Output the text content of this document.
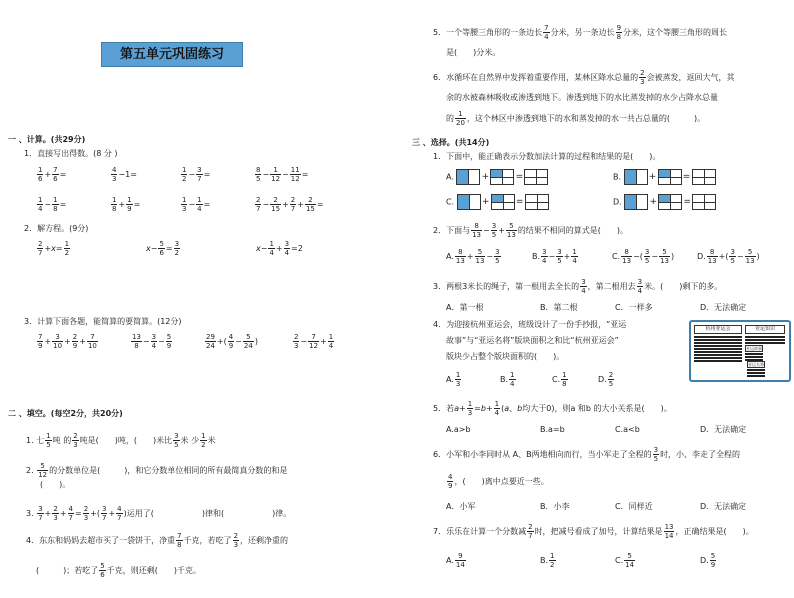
第五单元巩固练习
一 、计算。(共29分)
1．直接写出得数。(8 分 )
$\frac{1}{6} + \frac{7}{6}$ =	$\frac{4}{3} -1=$	$\frac{1}{2} - \frac{3}{7}$ =	$\frac{8}{5} - \frac{1}{12} - \frac{11}{12}$ =
$\frac{1}{4} - \frac{1}{8}$ =	$\frac{1}{8} + \frac{1}{9}$ =	$\frac{1}{3} - \frac{1}{4}$ =	$\frac{2}{7} - \frac{2}{15} + \frac{2}{7} + \frac{2}{15}$ =
2．解方程。(9分)
$\frac{2}{7} +x= \frac{1}{2}$	$x- \frac{5}{6} = \frac{3}{2}$	$x- \frac{1}{4} + \frac{3}{4} =2$
3．计算下面各题，能简算的要简算。(12分)
$\frac{7}{9} + \frac{3}{10} + \frac{2}{9} + \frac{7}{10}$	$\frac{13}{8} - \frac{3}{4} - \frac{5}{9}$	$\frac{29}{24}$ +( $\frac{4}{9} - \frac{5}{24}$ )	$\frac{2}{3} - \frac{7}{12} + \frac{1}{4}$
二 、填空。(每空2分，共20分)
1. 七 $\frac{1}{5}$ 吨 的 $\frac{2}{3}$ 吨是(　　)吨，(　　)米比 $\frac{3}{5}$ 米 少 $\frac{1}{2}$ 米
2. $\frac{5}{12}$ 的分数单位是(　　　)，和它分数单位相同的所有最简真分数的和是
(　　)。
3. $\frac{3}{7} + \frac{2}{3} + \frac{4}{7} = \frac{2}{3}$ +( $\frac{3}{7} + \frac{4}{7}$ )运用了(　　　　　　)律和(　　　　　　)律。
4．东东和妈妈去超市买了一袋饼干，净重 $\frac{7}{8}$ 千克，若吃了 $\frac{2}{3}$ ，还剩净重的
(　　　)；若吃了 $\frac{5}{6}$ 千克，则还剩(　　)千克。
5．一个等腰三角形的一条边长 $\frac{7}{4}$ 分米，另一条边长 $\frac{9}{8}$ 分米，这个等腰三角形的周长
是(　　)分米。
6．水循环在自然界中发挥着重要作用，某林区降水总量的 $\frac{2}{3}$ 会被蒸发，返回大气，其
余的水被森林吸收或渗透到地下。渗透到地下的水比蒸发掉的水少占降水总量
的 $\frac{1}{20}$ ，这个林区中渗透到地下的水和蒸发掉的水一共占总量的(　　　)。
三 、选择。(共14分)
1．下面中，能正确表示分数加法计算的过程和结果的是(　　)。
A.	+	=	B.	+	=
C.	+	=	D.	+	=
2．下面与 $\frac{8}{13} - \frac{3}{5} + \frac{5}{13}$ 的结果不相同的算式是(　　)。
A. $\frac{8}{13} + \frac{5}{13} - \frac{3}{5}$	B. $\frac{3}{4} - \frac{3}{5} + \frac{1}{4}$	C. $\frac{8}{13}$ −( $\frac{3}{5} - \frac{5}{13}$ )	D. $\frac{8}{13}$ +( $\frac{3}{5} - \frac{5}{13}$ )
3．两根3米长的绳子，第一根用去全长的 $\frac{3}{4}$ ，第二根用去 $\frac{3}{4}$ 米。(　　)剩下的多。
A．第一根	B．第二根	C．一样多	D．无法确定
4．为迎接杭州亚运会，班级设计了一份手抄报，“亚运
故事”与“亚运名将”版块面积之和比“杭州亚运会”
版块少占整个版块面积的(　　)。
杭州亚运会	亚运知识
亚运故事

亚运名将
A. $\frac{1}{3}$	B. $\frac{1}{4}$	C. $\frac{1}{8}$	D. $\frac{2}{5}$
5．若$a+ \frac{1}{3} =b+ \frac{1}{4} (a$、b均大于0)，则a 和b 的大小关系是(　　)。
A.a>b	B.a=b	C.a<b	D．无法确定
6．小军和小李同时从 A、B两地相向而行，当小军走了全程的 $\frac{3}{5}$ 时，小、李走了全程的
$\frac{4}{9}$ ，(　　)离中点要近一些。
A．小军	B．小李	C．同样近	D．无法确定
7．乐乐在计算一个分数减 $\frac{2}{7}$ 时，把减号看成了加号，计算结果是 $\frac{13}{14}$ ，正确结果是(　　)。
A. $\frac{9}{14}$	B. $\frac{1}{2}$	C. $\frac{5}{14}$	D. $\frac{5}{9}$
